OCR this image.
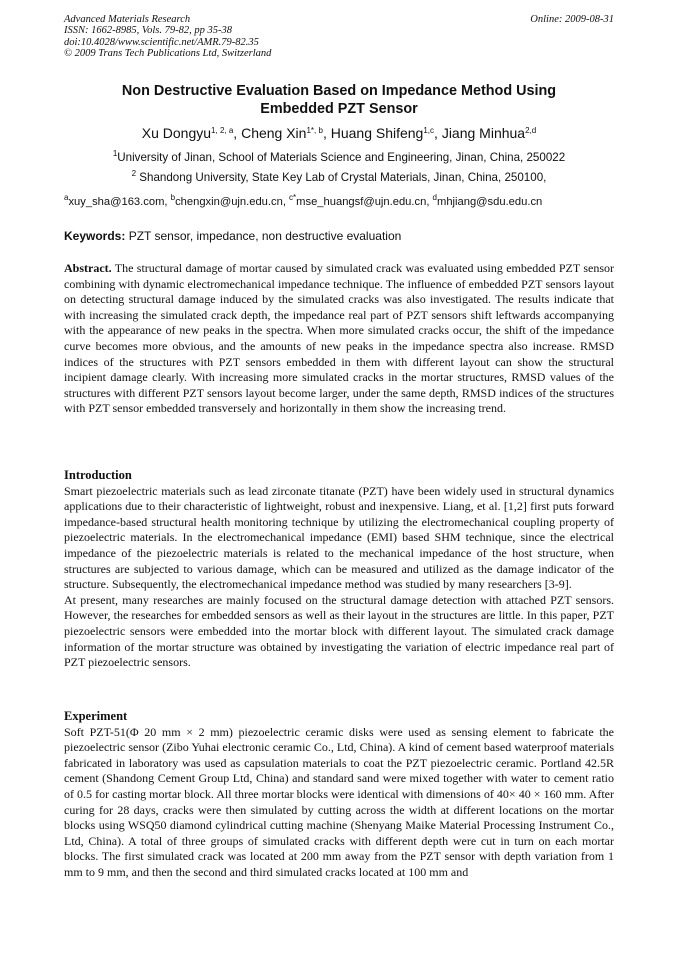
Advanced Materials Research
ISSN: 1662-8985, Vols. 79-82, pp 35-38
doi:10.4028/www.scientific.net/AMR.79-82.35
© 2009 Trans Tech Publications Ltd, Switzerland
Online: 2009-08-31
Non Destructive Evaluation Based on Impedance Method Using
Embedded PZT Sensor
Xu Dongyu$^{1, 2, a}$, Cheng Xin$^{1*, b}$, Huang Shifeng$^{1,c}$, Jiang Minhua$^{2,d}$
$^1$University of Jinan, School of Materials Science and Engineering, Jinan, China, 250022
$^2$ Shandong University, State Key Lab of Crystal Materials, Jinan, China, 250100,
$^a$xuy_sha@163.com, $^b$chengxin@ujn.edu.cn, $^{c*}$mse_huangsf@ujn.edu.cn, $^d$mhjiang@sdu.edu.cn
Keywords: PZT sensor, impedance, non destructive evaluation

Abstract. The structural damage of mortar caused by simulated crack was evaluated using embedded PZT sensor combining with dynamic electromechanical impedance technique. The influence of embedded PZT sensors layout on detecting structural damage induced by the simulated cracks was also investigated. The results indicate that with increasing the simulated crack depth, the impedance real part of PZT sensors shift leftwards accompanying with the appearance of new peaks in the spectra. When more simulated cracks occur, the shift of the impedance curve becomes more obvious, and the amounts of new peaks in the impedance spectra also increase. RMSD indices of the structures with PZT sensors embedded in them with different layout can show the structural incipient damage clearly. With increasing more simulated cracks in the mortar structures, RMSD values of the structures with different PZT sensors layout become larger, under the same depth, RMSD indices of the structures with PZT sensor embedded transversely and horizontally in them show the increasing trend.

Introduction

Smart piezoelectric materials such as lead zirconate titanate (PZT) have been widely used in structural dynamics applications due to their characteristic of lightweight, robust and inexpensive. Liang, et al. [1,2] first puts forward impedance-based structural health monitoring technique by utilizing the electromechanical coupling property of piezoelectric materials. In the electromechanical impedance (EMI) based SHM technique, since the electrical impedance of the piezoelectric materials is related to the mechanical impedance of the host structure, when structures are subjected to various damage, which can be measured and utilized as the damage indicator of the structure. Subsequently, the electromechanical impedance method was studied by many researchers [3-9].

At present, many researches are mainly focused on the structural damage detection with attached PZT sensors. However, the researches for embedded sensors as well as their layout in the structures are little. In this paper, PZT piezoelectric sensors were embedded into the mortar block with different layout. The simulated crack damage information of the mortar structure was obtained by investigating the variation of electric impedance real part of PZT piezoelectric sensors.

Experiment

Soft PZT-51(Φ 20 mm × 2 mm) piezoelectric ceramic disks were used as sensing element to fabricate the piezoelectric sensor (Zibo Yuhai electronic ceramic Co., Ltd, China). A kind of cement based waterproof materials fabricated in laboratory was used as capsulation materials to coat the PZT piezoelectric ceramic. Portland 42.5R cement (Shandong Cement Group Ltd, China) and standard sand were mixed together with water to cement ratio of 0.5 for casting mortar block. All three mortar blocks were identical with dimensions of 40× 40 × 160 mm. After curing for 28 days, cracks were then simulated by cutting across the width at different locations on the mortar blocks using WSQ50 diamond cylindrical cutting machine (Shenyang Maike Material Processing Instrument Co., Ltd, China). A total of three groups of simulated cracks with different depth were cut in turn on each mortar blocks. The first simulated crack was located at 200 mm away from the PZT sensor with depth variation from 1 mm to 9 mm, and then the second and third simulated cracks located at 100 mm and
